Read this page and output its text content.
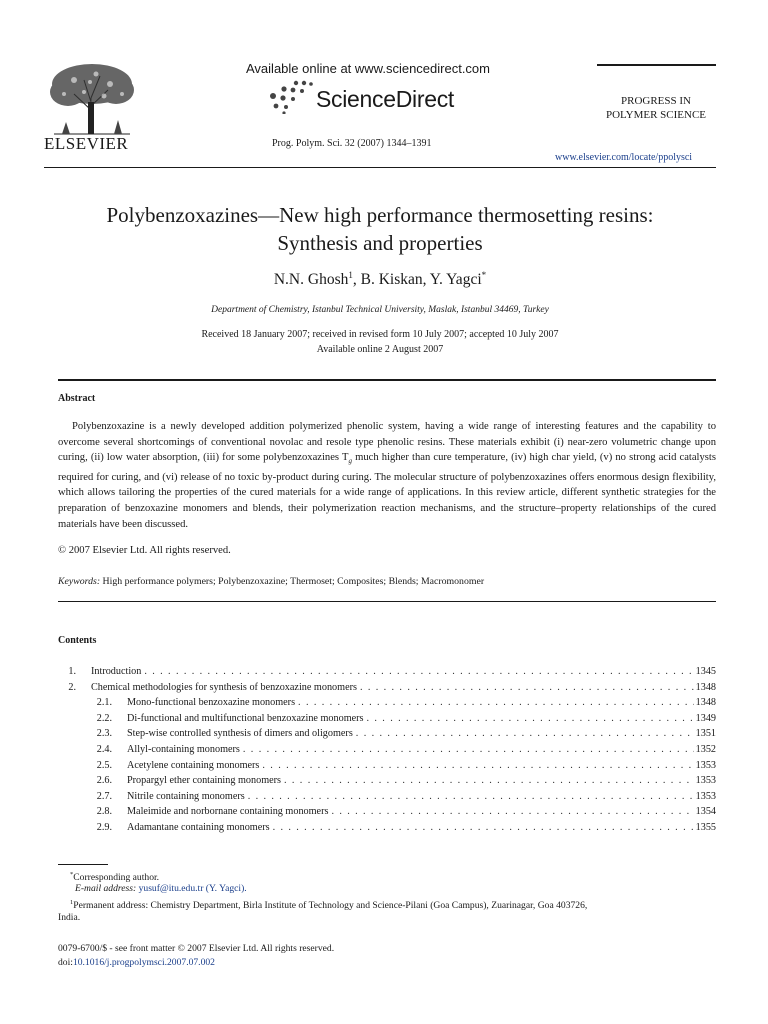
ELSEVIER
Available online at www.sciencedirect.com
ScienceDirect
Prog. Polym. Sci. 32 (2007) 1344–1391
PROGRESS IN
POLYMER SCIENCE
www.elsevier.com/locate/ppolysci
Polybenzoxazines—New high performance thermosetting resins:
Synthesis and properties
N.N. Ghosh$^1$, B. Kiskan, Y. Yagci*
Department of Chemistry, Istanbul Technical University, Maslak, Istanbul 34469, Turkey
Received 18 January 2007; received in revised form 10 July 2007; accepted 10 July 2007
Available online 2 August 2007
Abstract
Polybenzoxazine is a newly developed addition polymerized phenolic system, having a wide range of interesting features and the capability to overcome several shortcomings of conventional novolac and resole type phenolic resins. These materials exhibit (i) near-zero volumetric change upon curing, (ii) low water absorption, (iii) for some polybenzoxazines $T_g$ much higher than cure temperature, (iv) high char yield, (v) no strong acid catalysts required for curing, and (vi) release of no toxic by-product during curing. The molecular structure of polybenzoxazines offers enormous design flexibility, which allows tailoring the properties of the cured materials for a wide range of applications. In this review article, different synthetic strategies for the preparation of benzoxazine monomers and blends, their polymerization reaction mechanisms, and the structure–property relationships of the cured materials have been discussed.
© 2007 Elsevier Ltd. All rights reserved.
Keywords: High performance polymers; Polybenzoxazine; Thermoset; Composites; Blends; Macromonomer
Contents
1. Introduction . . .	1345
2. Chemical methodologies for synthesis of benzoxazine monomers . . .	1348
2.1. Mono-functional benzoxazine monomers . . .	1348
2.2. Di-functional and multifunctional benzoxazine monomers . . .	1349
2.3. Step-wise controlled synthesis of dimers and oligomers . . .	1351
2.4. Allyl-containing monomers . . .	1352
2.5. Acetylene containing monomers . . .	1353
2.6. Propargyl ether containing monomers . . .	1353
2.7. Nitrile containing monomers . . .	1353
2.8. Maleimide and norbornane containing monomers . . .	1354
2.9. Adamantane containing monomers . . .	1355
*Corresponding author.
E-mail address: yusuf@itu.edu.tr (Y. Yagci).
$^1$Permanent address: Chemistry Department, Birla Institute of Technology and Science-Pilani (Goa Campus), Zuarinagar, Goa 403726,
India.
0079-6700/$ - see front matter © 2007 Elsevier Ltd. All rights reserved.
doi:10.1016/j.progpolymsci.2007.07.002
